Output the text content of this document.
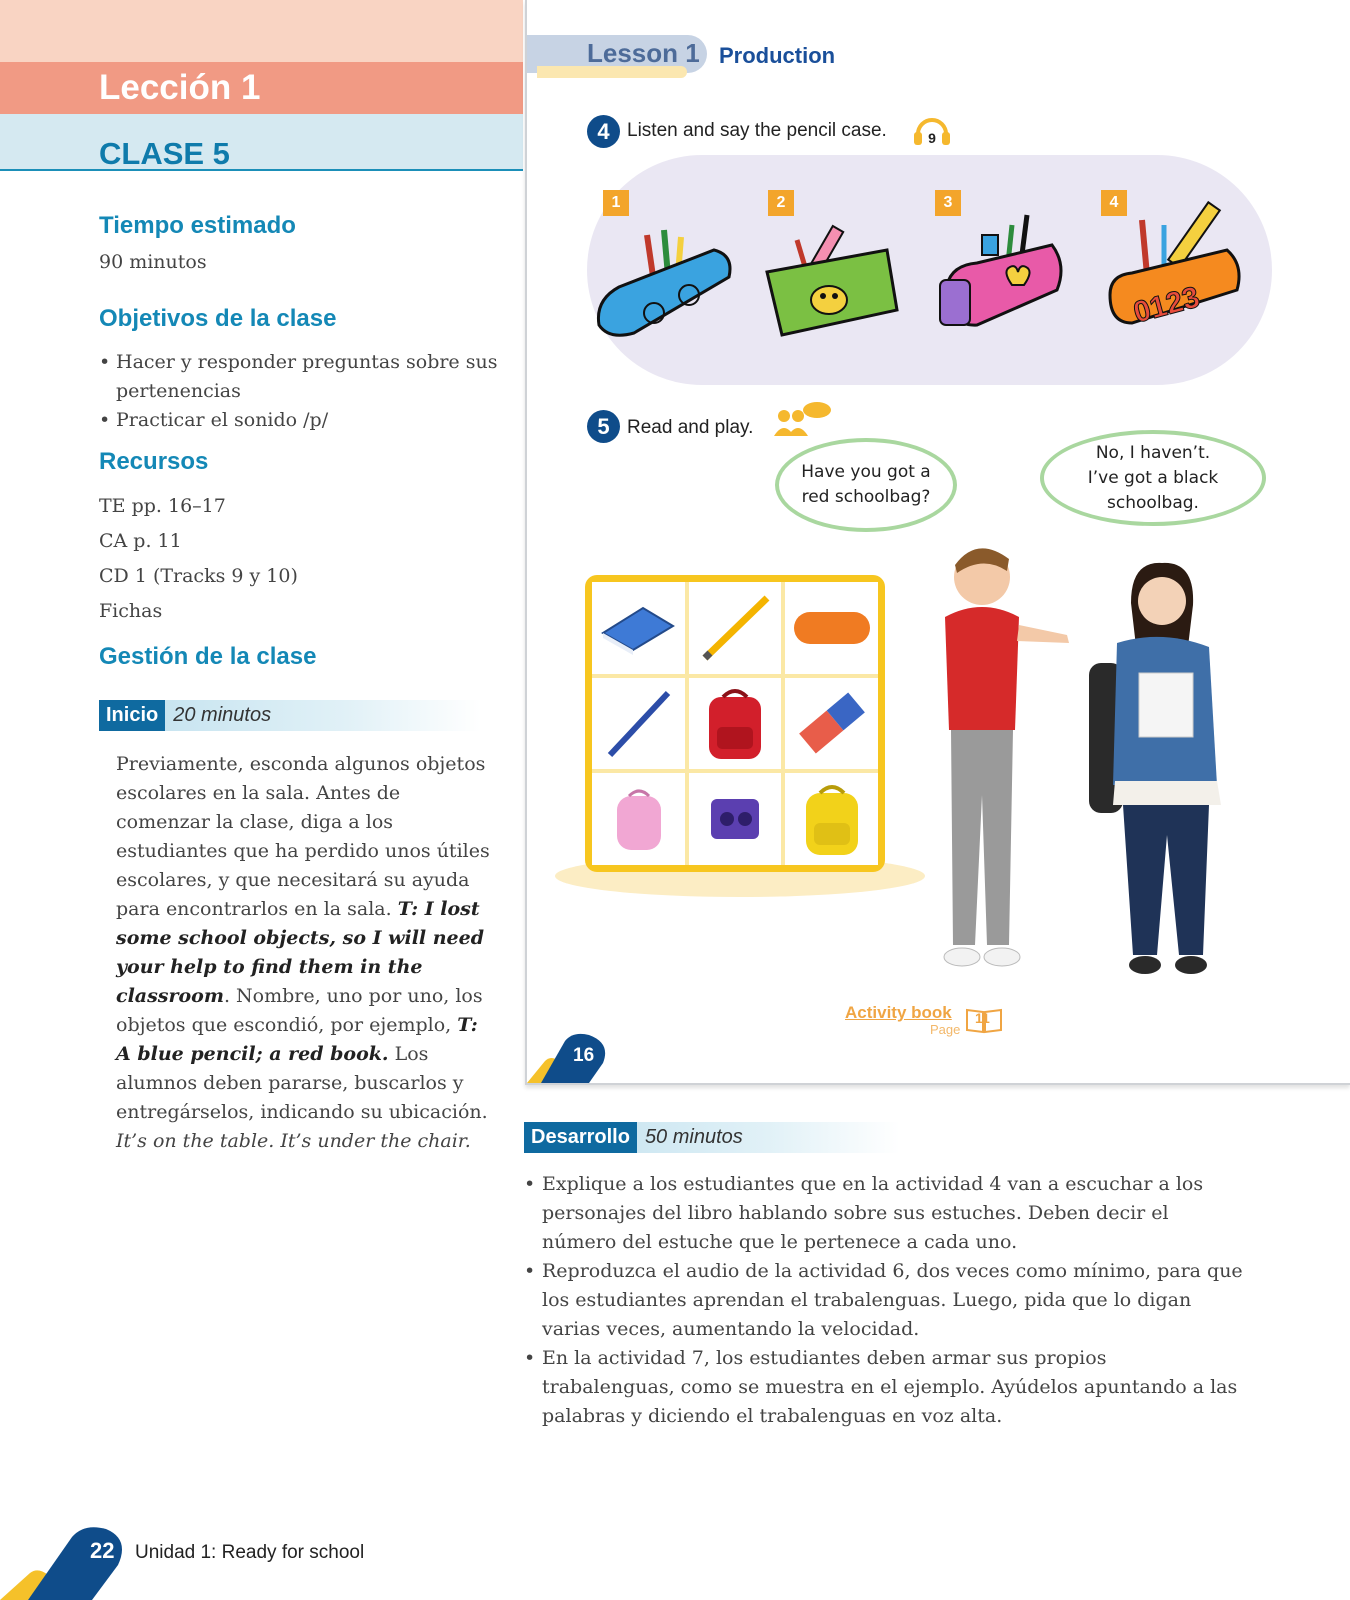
Lección 1
CLASE 5
Tiempo estimado
90 minutos
Objetivos de la clase
• Hacer y responder preguntas sobre sus pertenencias
• Practicar el sonido /p/
Recursos
TE pp. 16–17
CA p. 11
CD 1 (Tracks 9 y 10)
Fichas
Gestión de la clase
Inicio 20 minutos

Previamente, esconda algunos objetos escolares en la sala. Antes de comenzar la clase, diga a los estudiantes que ha perdido unos útiles escolares, y que necesitará su ayuda para encontrarlos en la sala. T: I lost some school objects, so I will need your help to find them in the classroom. Nombre, uno por uno, los objetos que escondió, por ejemplo, T: A blue pencil; a red book. Los alumnos deben pararse, buscarlos y entregárselos, indicando su ubicación. It’s on the table. It’s under the chair.

Lesson 1 Production
4 Listen and say the pencil case.	9
1	2	3	4
0123
5 Read and play.
Have you got a red schoolbag?
No, I haven’t. I’ve got a black schoolbag.
Activity book
Page
11
16
Desarrollo 50 minutos
• Explique a los estudiantes que en la actividad 4 van a escuchar a los personajes del libro hablando sobre sus estuches. Deben decir el número del estuche que le pertenece a cada uno.
• Reproduzca el audio de la actividad 6, dos veces como mínimo, para que los estudiantes aprendan el trabalenguas. Luego, pida que lo digan varias veces, aumentando la velocidad.
• En la actividad 7, los estudiantes deben armar sus propios trabalenguas, como se muestra en el ejemplo. Ayúdelos apuntando a las palabras y diciendo el trabalenguas en voz alta.
22 Unidad 1: Ready for school
